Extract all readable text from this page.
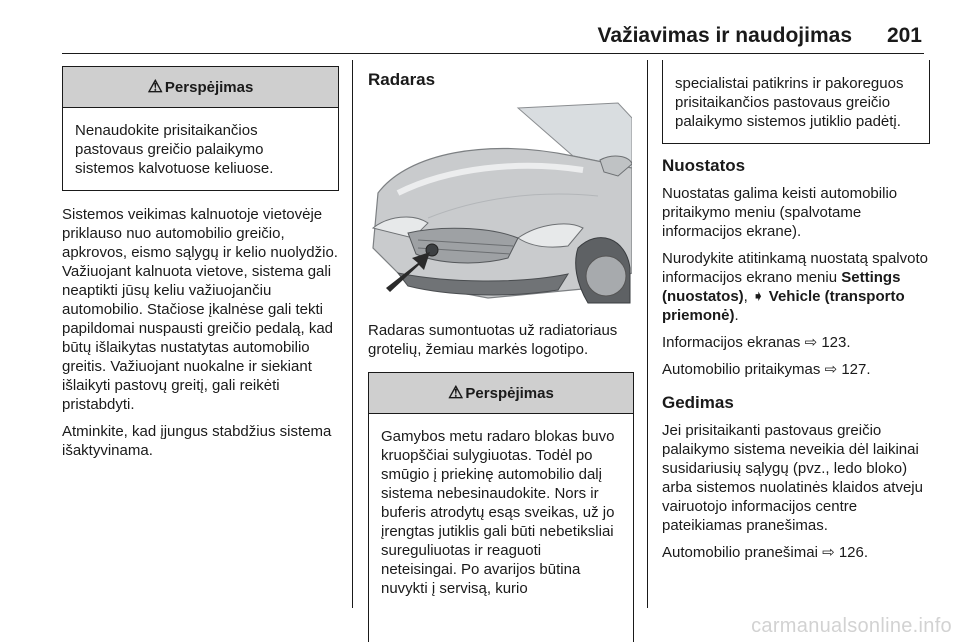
Važiavimas ir naudojimas 201
⚠ Perspėjimas
Nenaudokite prisitaikančios pastovaus greičio palaikymo sistemos kalvotuose keliuose.

Sistemos veikimas kalnuotoje vietovėje priklauso nuo automobilio greičio, apkrovos, eismo sąlygų ir kelio nuolydžio. Važiuojant kalnuota vietove, sistema gali neaptikti jūsų keliu važiuojančiu automobilio. Stačiose įkalnėse gali tekti papildomai nuspausti greičio pedalą, kad būtų išlaikytas nustatytas automobilio greitis. Važiuojant nuokalne ir siekiant išlaikyti pastovų greitį, gali reikėti pristabdyti.

Atminkite, kad įjungus stabdžius sistema išaktyvinama.

Radaras

Radaras sumontuotas už radiatoriaus grotelių, žemiau markės logotipo.

⚠ Perspėjimas
Gamybos metu radaro blokas buvo kruopščiai sulygiuotas. Todėl po smūgio į priekinę automobilio dalį sistema nebesinaudokite. Nors ir buferis atrodytų esąs sveikas, už jo įrengtas jutiklis gali būti nebetiksliai sureguliuotas ir reaguoti neteisingai. Po avarijos būtina nuvykti į servisą, kurio
specialistai patikrins ir pakoreguos prisitaikančios pastovaus greičio palaikymo sistemos jutiklio padėtį.
Nuostatos

Nuostatas galima keisti automobilio pritaikymo meniu (spalvotame informacijos ekrane).

Nurodykite atitinkamą nuostatą spalvoto informacijos ekrano meniu Settings (nuostatos), ➧ Vehicle (transporto priemonė).

Informacijos ekranas ⇨ 123.

Automobilio pritaikymas ⇨ 127.

Gedimas

Jei prisitaikanti pastovaus greičio palaikymo sistema neveikia dėl laikinai susidariusių sąlygų (pvz., ledo bloko) arba sistemos nuolatinės klaidos atveju vairuotojo informacijos centre pateikiamas pranešimas.

Automobilio pranešimai ⇨ 126.

carmanualsonline.info
